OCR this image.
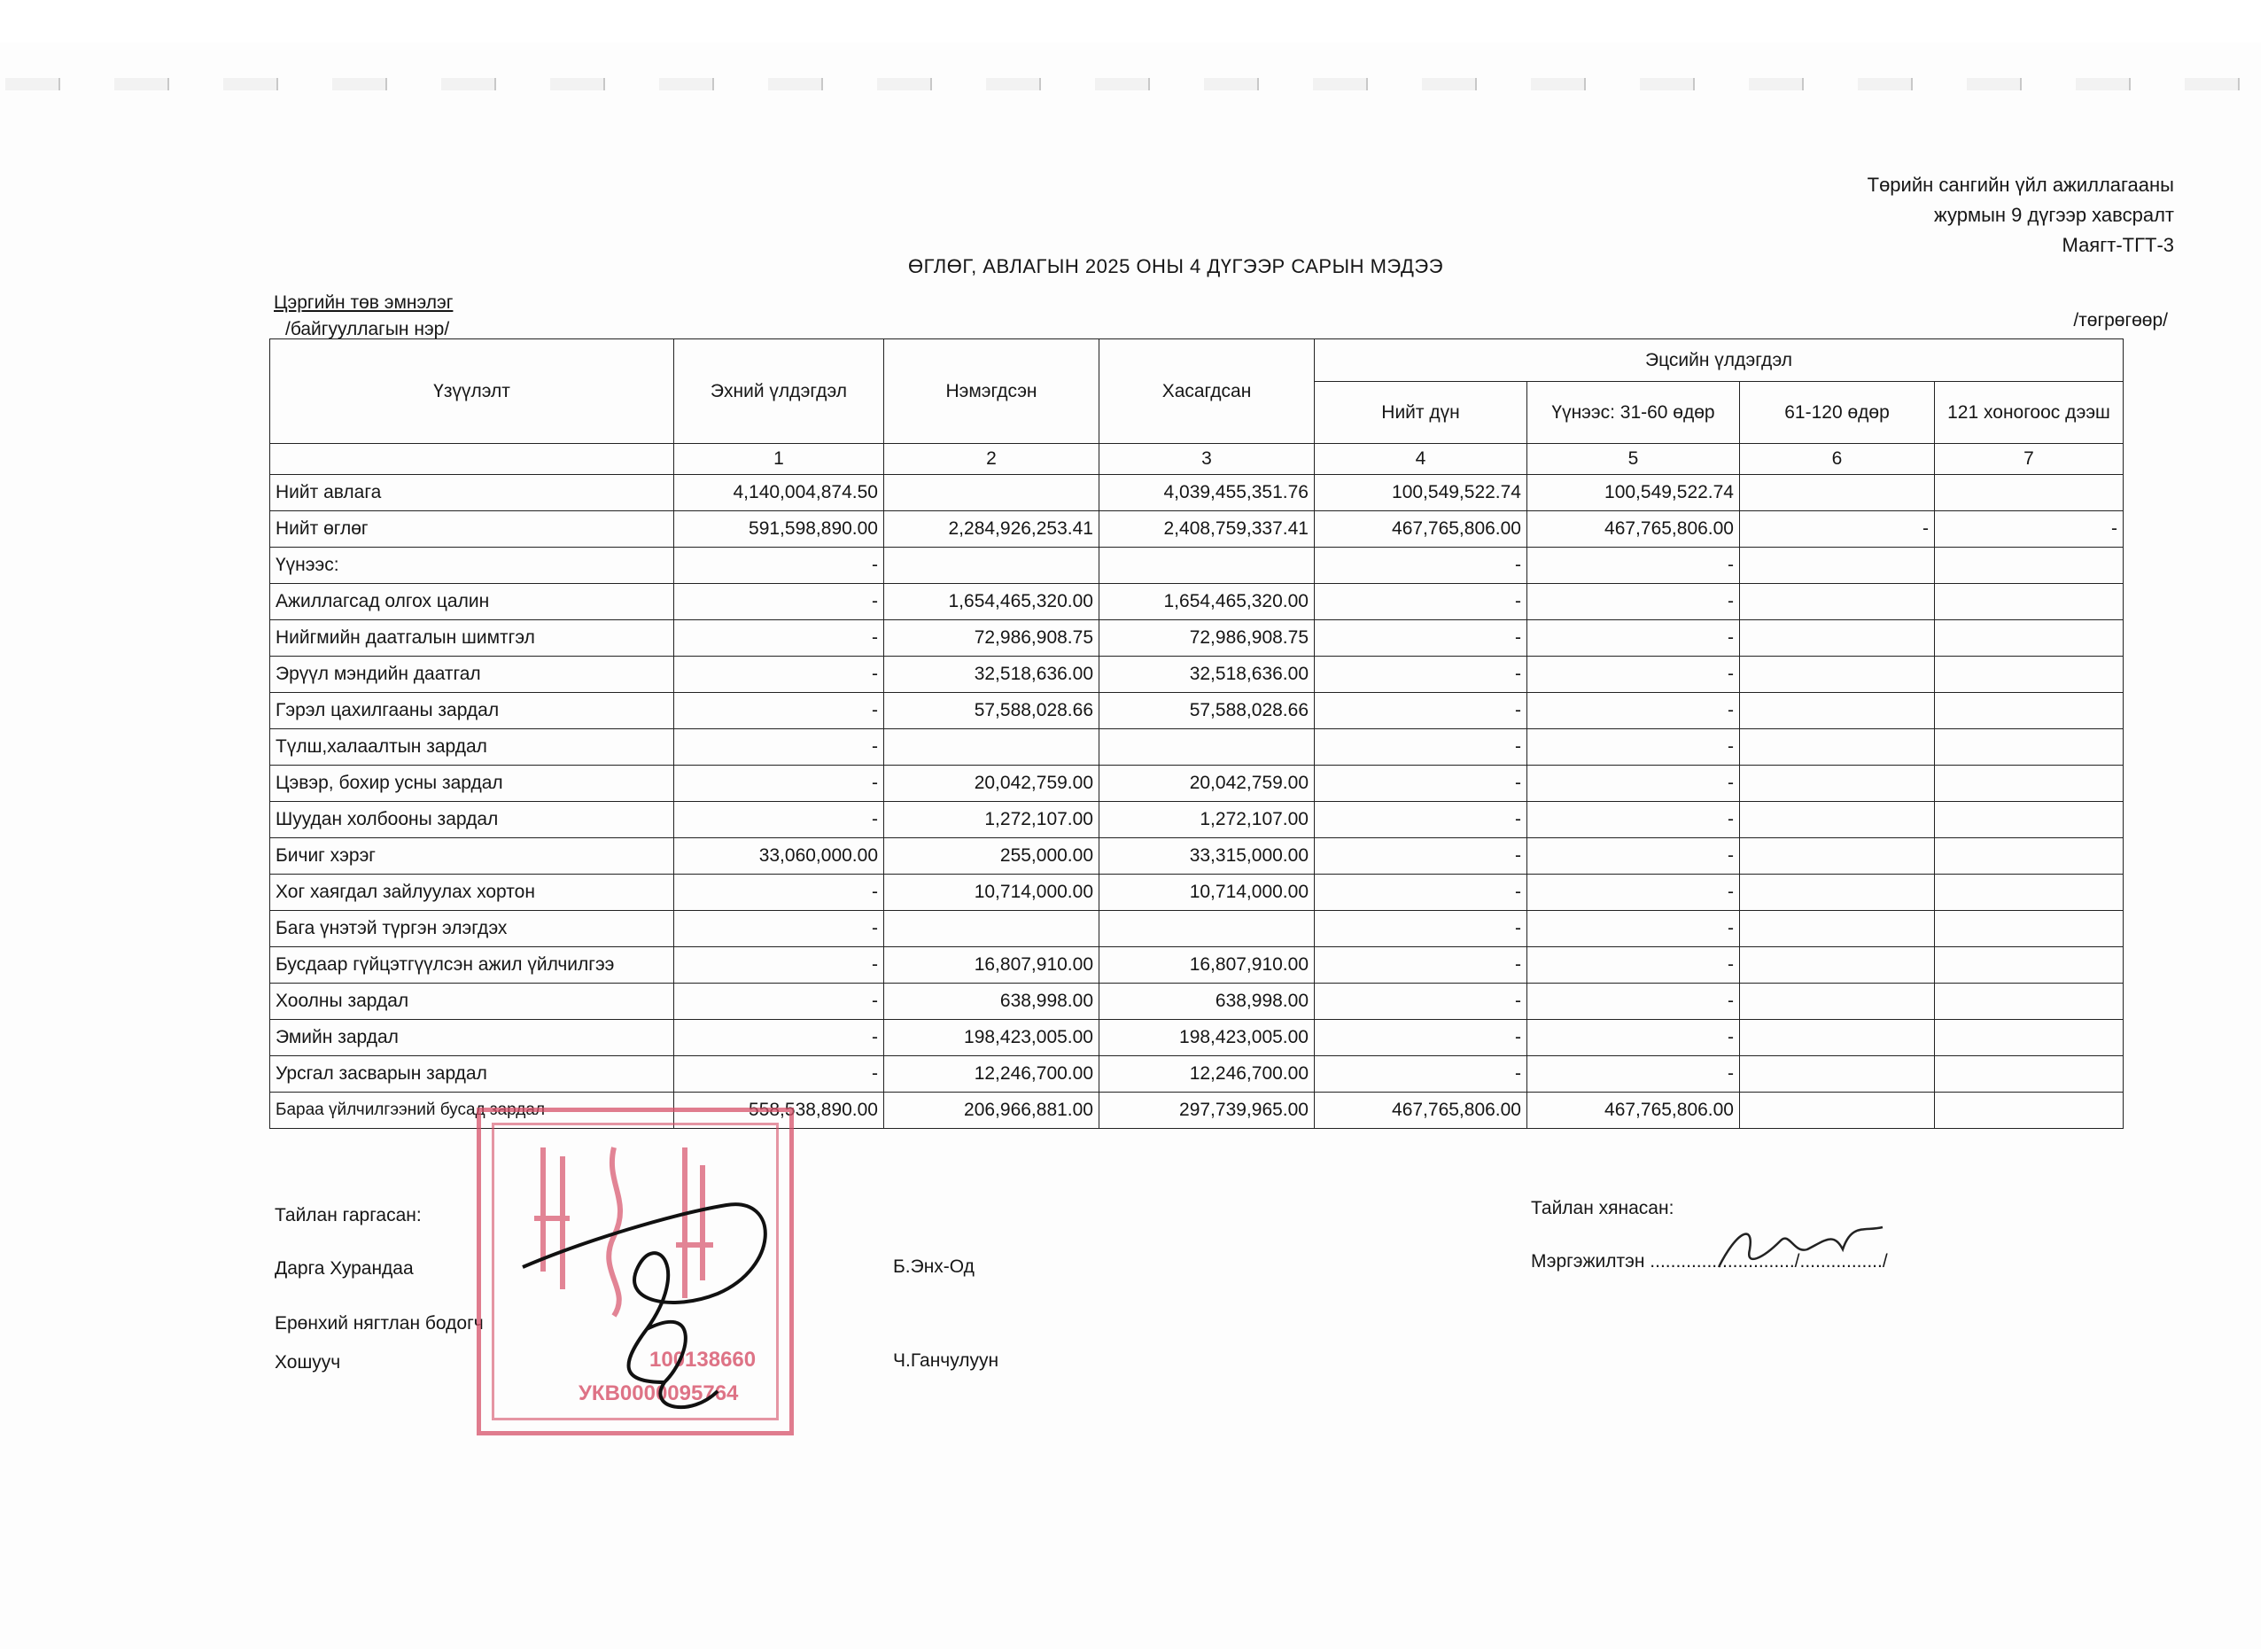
Төрийн сангийн үйл ажиллагааны
журмын 9 дүгээр хавсралт
Маягт-ТГТ-3
ӨГЛӨГ, АВЛАГЫН 2025 ОНЫ 4 ДҮГЭЭР САРЫН МЭДЭЭ
Цэргийн төв эмнэлэг
/байгууллагын нэр/	/төгрөгөөр/
Үзүүлэлт	Эхний үлдэгдэл	Нэмэгдсэн	Хасагдсан	Эцсийн үлдэгдэл			
				Нийт дүн	Үүнээс: 31-60 өдөр	61-120 өдөр	121 хоногоос дээш
	1	2	3	4	5	6	7
Нийт авлага	4,140,004,874.50		4,039,455,351.76	100,549,522.74	100,549,522.74		
Нийт өглөг	591,598,890.00	2,284,926,253.41	2,408,759,337.41	467,765,806.00	467,765,806.00	-	-
Үүнээс:	-			-	-		
Ажиллагсад олгох цалин	-	1,654,465,320.00	1,654,465,320.00	-	-		
Нийгмийн даатгалын шимтгэл	-	72,986,908.75	72,986,908.75	-	-		
Эрүүл мэндийн даатгал	-	32,518,636.00	32,518,636.00	-	-		
Гэрэл цахилгааны зардал	-	57,588,028.66	57,588,028.66	-	-		
Түлш,халаалтын зардал	-			-	-		
Цэвэр, бохир усны зардал	-	20,042,759.00	20,042,759.00	-	-		
Шуудан холбооны зардал	-	1,272,107.00	1,272,107.00	-	-		
Бичиг хэрэг	33,060,000.00	255,000.00	33,315,000.00	-	-		
Хог хаягдал зайлуулах хортон	-	10,714,000.00	10,714,000.00	-	-		
Бага үнэтэй түргэн элэгдэх	-			-	-		
Бусдаар гүйцэтгүүлсэн ажил үйлчилгээ	-	16,807,910.00	16,807,910.00	-	-		
Хоолны зардал	-	638,998.00	638,998.00	-	-		
Эмийн зардал	-	198,423,005.00	198,423,005.00	-	-		
Урсгал засварын зардал	-	12,246,700.00	12,246,700.00	-	-		
Бараа үйлчилгээний бусад зардал	558,538,890.00	206,966,881.00	297,739,965.00	467,765,806.00	467,765,806.00		
Тайлан гаргасан:
Дарга Хурандаа	Б.Энх-Од
Ерөнхий нягтлан бодогч
Хошууч	Ч.Ганчулуун
Тайлан хянасан:
Мэргэжилтэн ............................/................/
100138660
УКВ0000095764
